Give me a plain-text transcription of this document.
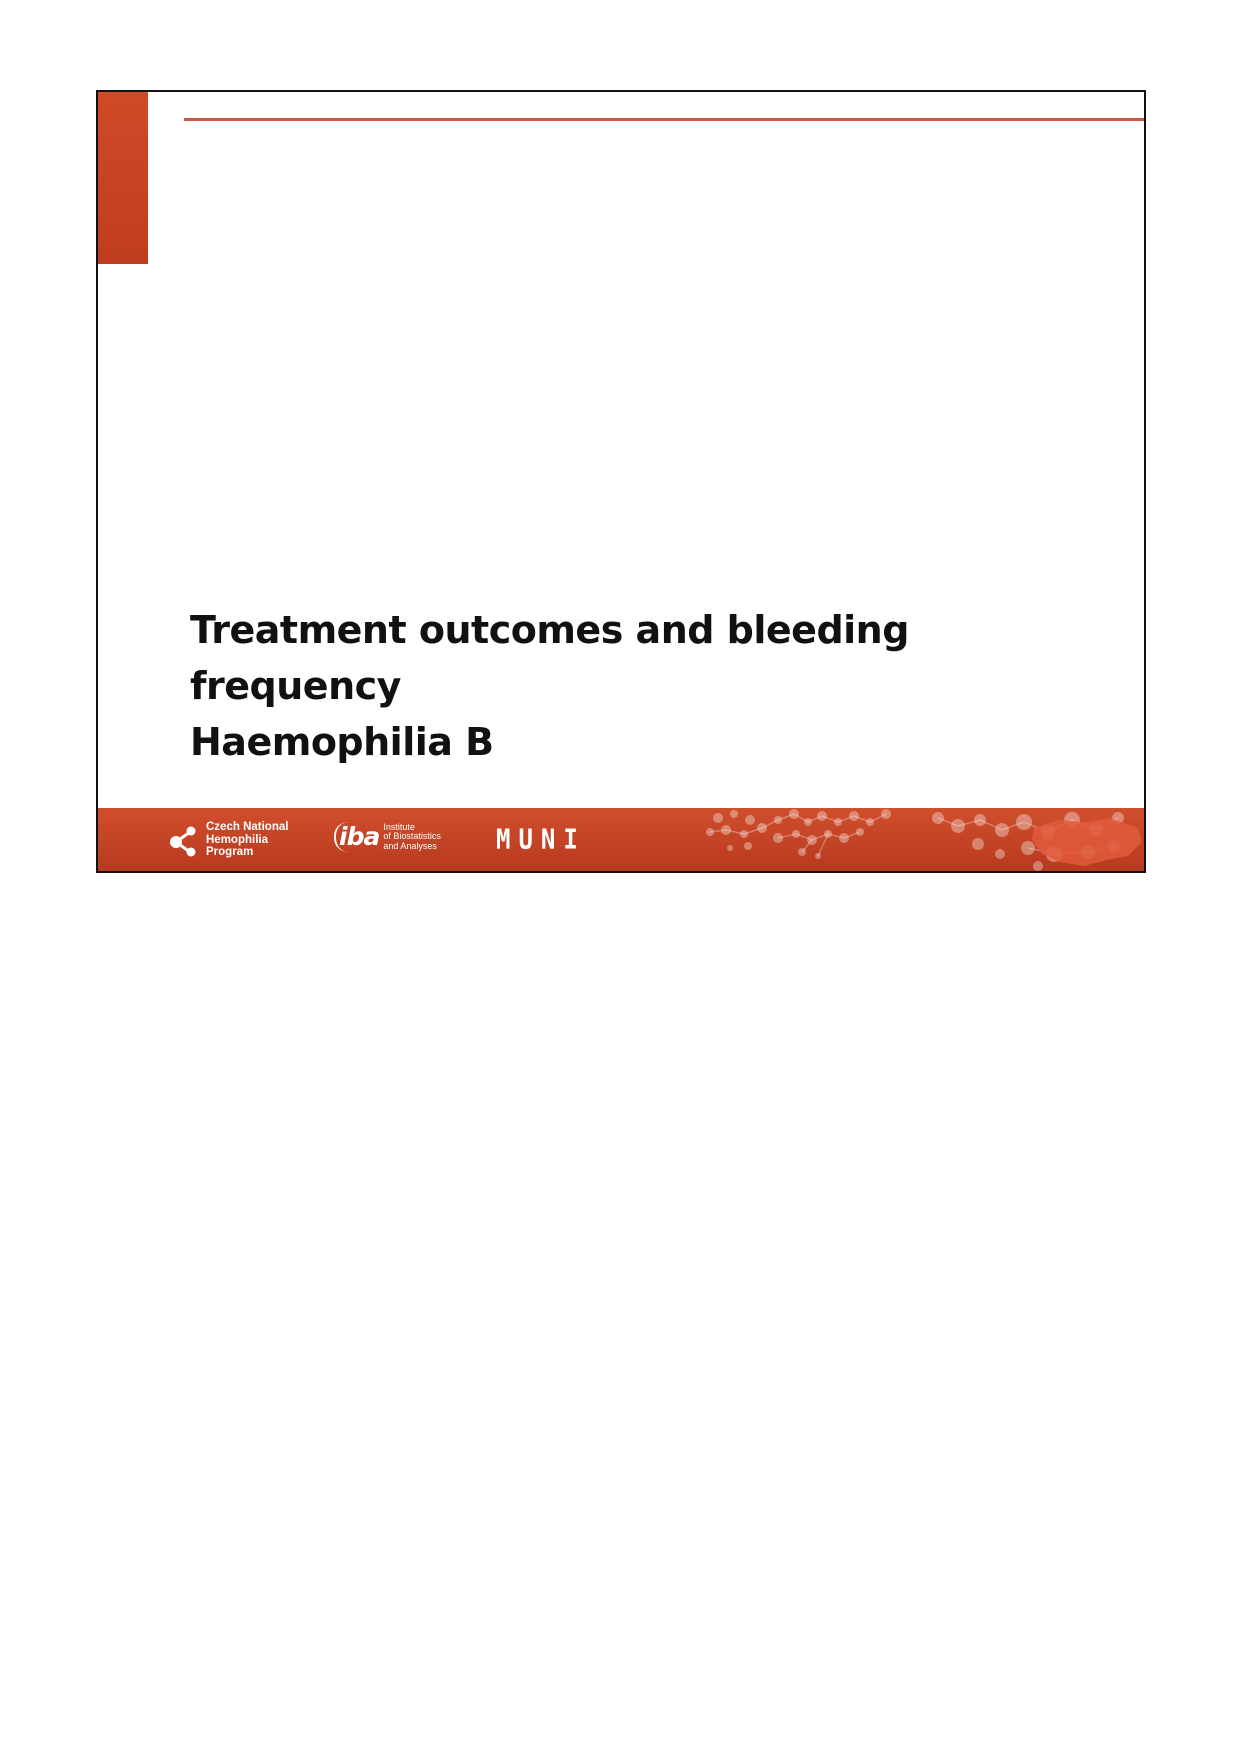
Treatment outcomes and bleeding frequency
Haemophilia B
Czech National
Hemophilia
Program
iba Institute
of Biostatistics
and Analyses MUNI
